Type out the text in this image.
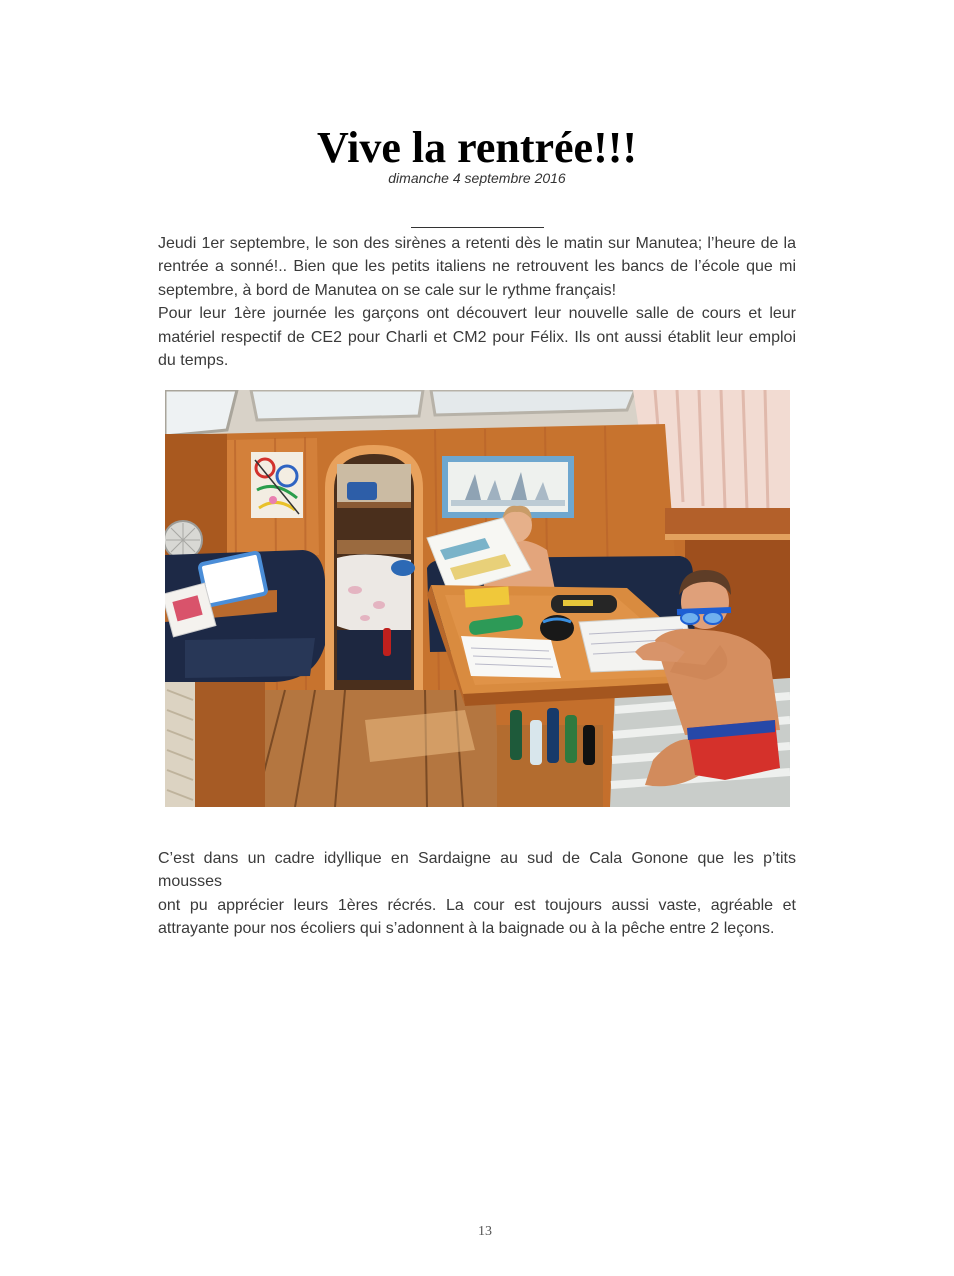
Vive la rentrée!!!
dimanche 4 septembre 2016

Jeudi 1er septembre, le son des sirènes a retenti dès le matin sur Manutea; l’heure de la
rentrée a sonné!.. Bien que les petits italiens ne retrouvent les bancs de l’école que mi
septembre, à bord de Manutea on se cale sur le rythme français!

Pour leur 1ère journée les garçons ont découvert leur nouvelle salle de cours et leur
matériel respectif de CE2 pour Charli et CM2 pour Félix. Ils ont aussi établit leur emploi
du temps.

C’est dans un cadre idyllique en Sardaigne au sud de Cala Gonone que les p’tits mousses
ont pu apprécier leurs 1ères récrés. La cour est toujours aussi vaste, agréable et
attrayante pour nos écoliers qui s’adonnent à la baignade ou à la pêche entre 2 leçons.

13
